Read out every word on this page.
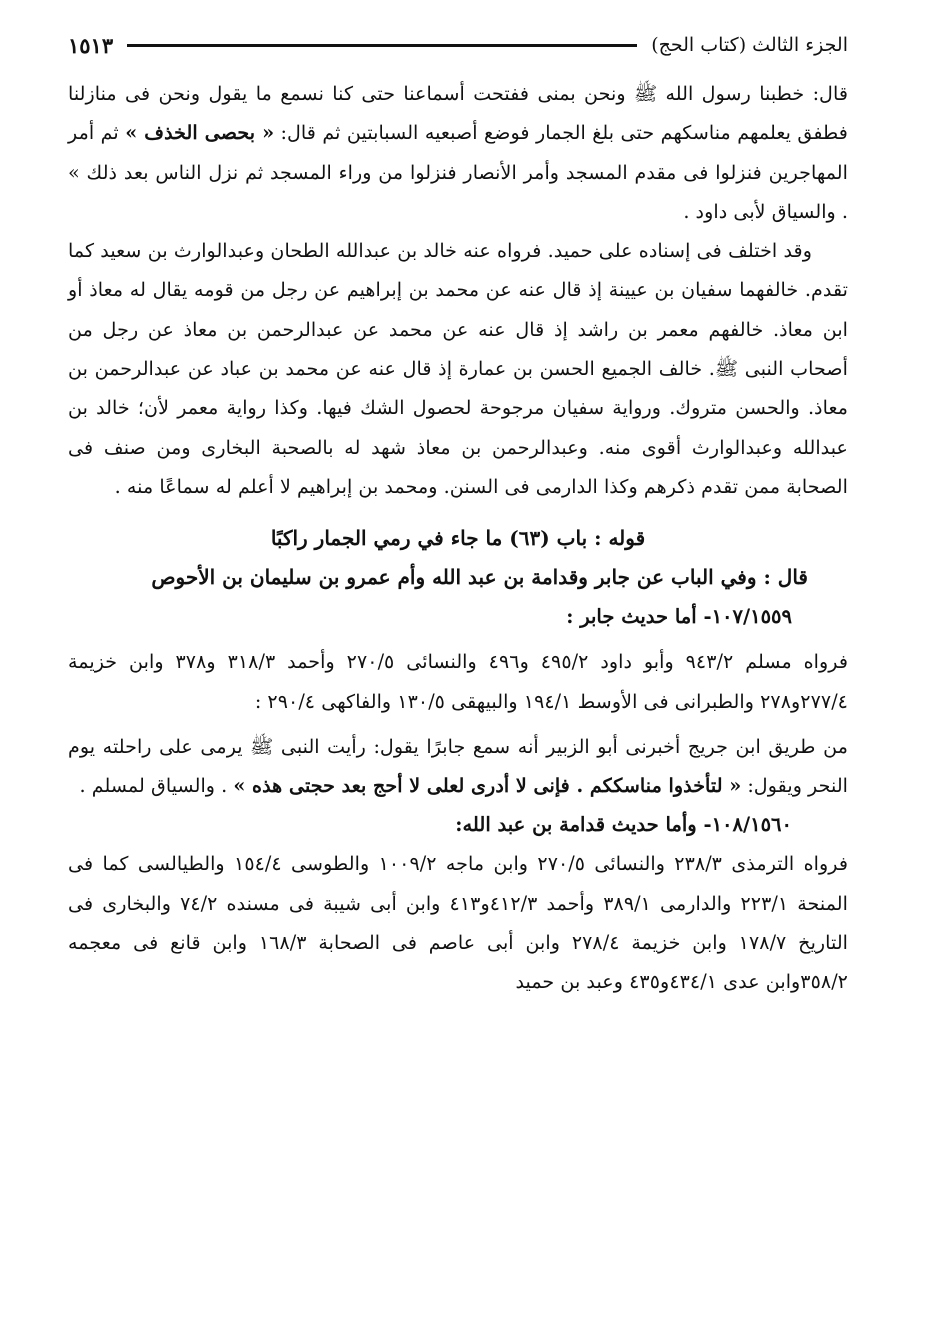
الجزء الثالث (كتاب الحج)
١٥١٣

قال: خطبنا رسول الله ﷺ ونحن بمنى ففتحت أسماعنا حتى كنا نسمع ما يقول ونحن فى منازلنا فطفق يعلمهم مناسكهم حتى بلغ الجمار فوضع أصبعيه السبابتين ثم قال: « بحصى الخذف » ثم أمر المهاجرين فنزلوا فى مقدم المسجد وأمر الأنصار فنزلوا من وراء المسجد ثم نزل الناس بعد ذلك » . والسياق لأبى داود .

وقد اختلف فى إسناده على حميد. فرواه عنه خالد بن عبدالله الطحان وعبدالوارث بن سعيد كما تقدم. خالفهما سفيان بن عيينة إذ قال عنه عن محمد بن إبراهيم عن رجل من قومه يقال له معاذ أو ابن معاذ. خالفهم معمر بن راشد إذ قال عنه عن محمد عن عبدالرحمن بن معاذ عن رجل من أصحاب النبى ﷺ. خالف الجميع الحسن بن عمارة إذ قال عنه عن محمد بن عباد عن عبدالرحمن بن معاذ. والحسن متروك. ورواية سفيان مرجوحة لحصول الشك فيها. وكذا رواية معمر لأن؛ خالد بن عبدالله وعبدالوارث أقوى منه. وعبدالرحمن بن معاذ شهد له بالصحبة البخارى ومن صنف فى الصحابة ممن تقدم ذكرهم وكذا الدارمى فى السنن. ومحمد بن إبراهيم لا أعلم له سماعًا منه .

قوله : باب (٦٣) ما جاء في رمي الجمار راكبًا

قال : وفي الباب عن جابر وقدامة بن عبد الله وأم عمرو بن سليمان بن الأحوص

١٠٧/١٥٥٩- أما حديث جابر :

فرواه مسلم ٩٤٣/٢ وأبو داود ٤٩٥/٢ و٤٩٦ والنسائى ٢٧٠/٥ وأحمد ٣١٨/٣ و٣٧٨ وابن خزيمة ٢٧٧/٤و٢٧٨ والطبرانى فى الأوسط ١٩٤/١ والبيهقى ١٣٠/٥ والفاكهى ٢٩٠/٤ :

من طريق ابن جريج أخبرنى أبو الزبير أنه سمع جابرًا يقول: رأيت النبى ﷺ يرمى على راحلته يوم النحر ويقول: « لتأخذوا مناسككم . فإنى لا أدرى لعلى لا أحج بعد حجتى هذه » . والسياق لمسلم .

١٠٨/١٥٦٠- وأما حديث قدامة بن عبد الله:

فرواه الترمذى ٢٣٨/٣ والنسائى ٢٧٠/٥ وابن ماجه ١٠٠٩/٢ والطوسى ١٥٤/٤ والطيالسى كما فى المنحة ٢٢٣/١ والدارمى ٣٨٩/١ وأحمد ٤١٢/٣و٤١٣ وابن أبى شيبة فى مسنده ٧٤/٢ والبخارى فى التاريخ ١٧٨/٧ وابن خزيمة ٢٧٨/٤ وابن أبى عاصم فى الصحابة ١٦٨/٣ وابن قانع فى معجمه ٣٥٨/٢وابن عدى ٤٣٤/١و٤٣٥ وعبد بن حميد
